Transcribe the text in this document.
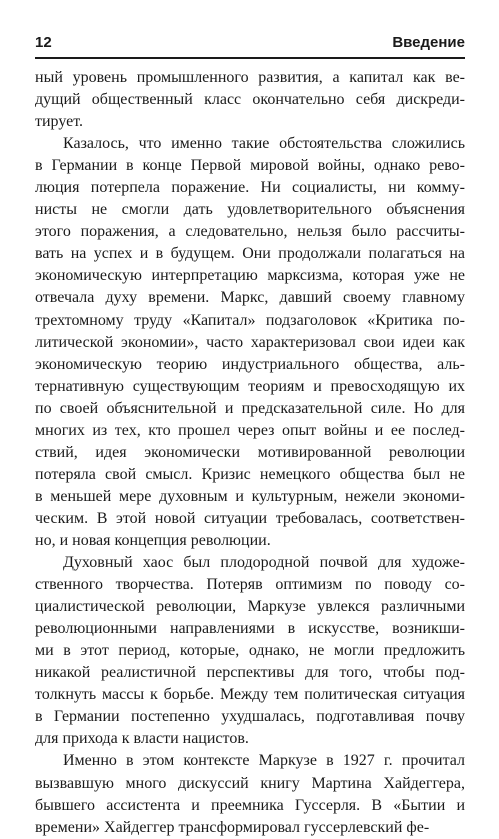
12	Введение
ный уровень промышленного развития, а капитал как ве-
дущий общественный класс окончательно себя дискреди-
тирует.
Казалось, что именно такие обстоятельства сложились
в Германии в конце Первой мировой войны, однако рево-
люция потерпела поражение. Ни социалисты, ни комму-
нисты не смогли дать удовлетворительного объяснения
этого поражения, а следовательно, нельзя было рассчиты-
вать на успех и в будущем. Они продолжали полагаться на
экономическую интерпретацию марксизма, которая уже не
отвечала духу времени. Маркс, давший своему главному
трехтомному труду «Капитал» подзаголовок «Критика по-
литической экономии», часто характеризовал свои идеи как
экономическую теорию индустриального общества, аль-
тернативную существующим теориям и превосходящую их
по своей объяснительной и предсказательной силе. Но для
многих из тех, кто прошел через опыт войны и ее послед-
ствий, идея экономически мотивированной революции
потеряла свой смысл. Кризис немецкого общества был не
в меньшей мере духовным и культурным, нежели экономи-
ческим. В этой новой ситуации требовалась, соответствен-
но, и новая концепция революции.
Духовный хаос был плодородной почвой для художе-
ственного творчества. Потеряв оптимизм по поводу со-
циалистической революции, Маркузе увлекся различными
революционными направлениями в искусстве, возникши-
ми в этот период, которые, однако, не могли предложить
никакой реалистичной перспективы для того, чтобы под-
толкнуть массы к борьбе. Между тем политическая ситуация
в Германии постепенно ухудшалась, подготавливая почву
для прихода к власти нацистов.
Именно в этом контексте Маркузе в 1927 г. прочитал
вызвавшую много дискуссий книгу Мартина Хайдеггера,
бывшего ассистента и преемника Гуссерля. В «Бытии и
времени» Хайдеггер трансформировал гуссерлевский фе-
